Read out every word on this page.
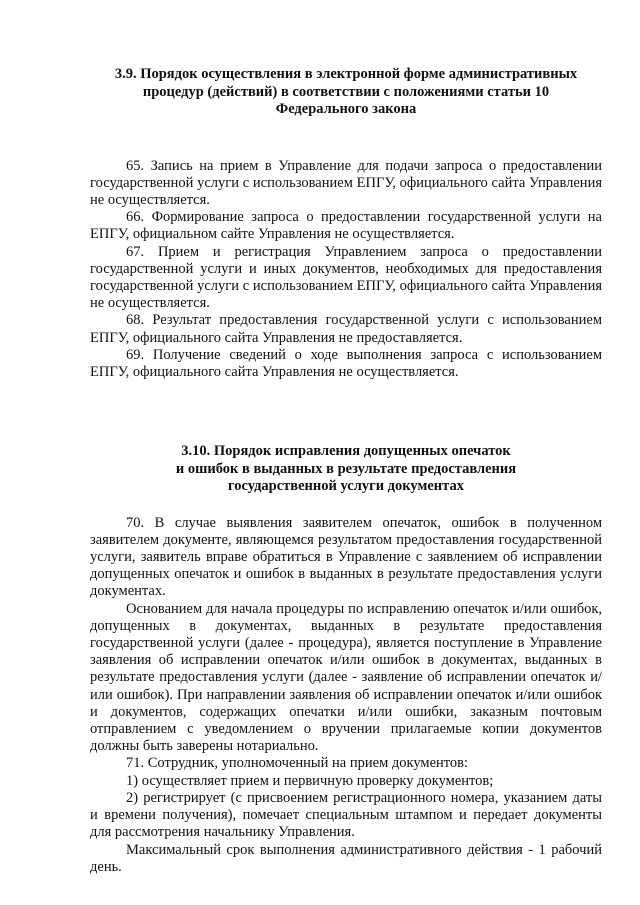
3.9. Порядок осуществления в электронной форме административных
процедур (действий) в соответствии с положениями статьи 10
Федерального закона

65. Запись на прием в Управление для подачи запроса о предоставлении государственной услуги с использованием ЕПГУ, официального сайта Управления не осуществляется.

66. Формирование запроса о предоставлении государственной услуги на ЕПГУ, официальном сайте Управления не осуществляется.

67. Прием и регистрация Управлением запроса о предоставлении государственной услуги и иных документов, необходимых для предоставления государственной услуги с использованием ЕПГУ, официального сайта Управления не осуществляется.

68. Результат предоставления государственной услуги с использованием ЕПГУ, официального сайта Управления не предоставляется.

69. Получение сведений о ходе выполнения запроса с использованием ЕПГУ, официального сайта Управления не осуществляется.

3.10. Порядок исправления допущенных опечаток
и ошибок в выданных в результате предоставления
государственной услуги документах

70. В случае выявления заявителем опечаток, ошибок в полученном заявителем документе, являющемся результатом предоставления государственной услуги, заявитель вправе обратиться в Управление с заявлением об исправлении допущенных опечаток и ошибок в выданных в результате предоставления услуги документах.

Основанием для начала процедуры по исправлению опечаток и/или ошибок, допущенных в документах, выданных в результате предоставления государственной услуги (далее - процедура), является поступление в Управление заявления об исправлении опечаток и/или ошибок в документах, выданных в результате предоставления услуги (далее - заявление об исправлении опечаток и/или ошибок). При направлении заявления об исправлении опечаток и/или ошибок и документов, содержащих опечатки и/или ошибки, заказным почтовым отправлением с уведомлением о вручении прилагаемые копии документов должны быть заверены нотариально.

71. Сотрудник, уполномоченный на прием документов:

1) осуществляет прием и первичную проверку документов;

2) регистрирует (с присвоением регистрационного номера, указанием даты и времени получения), помечает специальным штампом и передает документы для рассмотрения начальнику Управления.

Максимальный срок выполнения административного действия - 1 рабочий день.
